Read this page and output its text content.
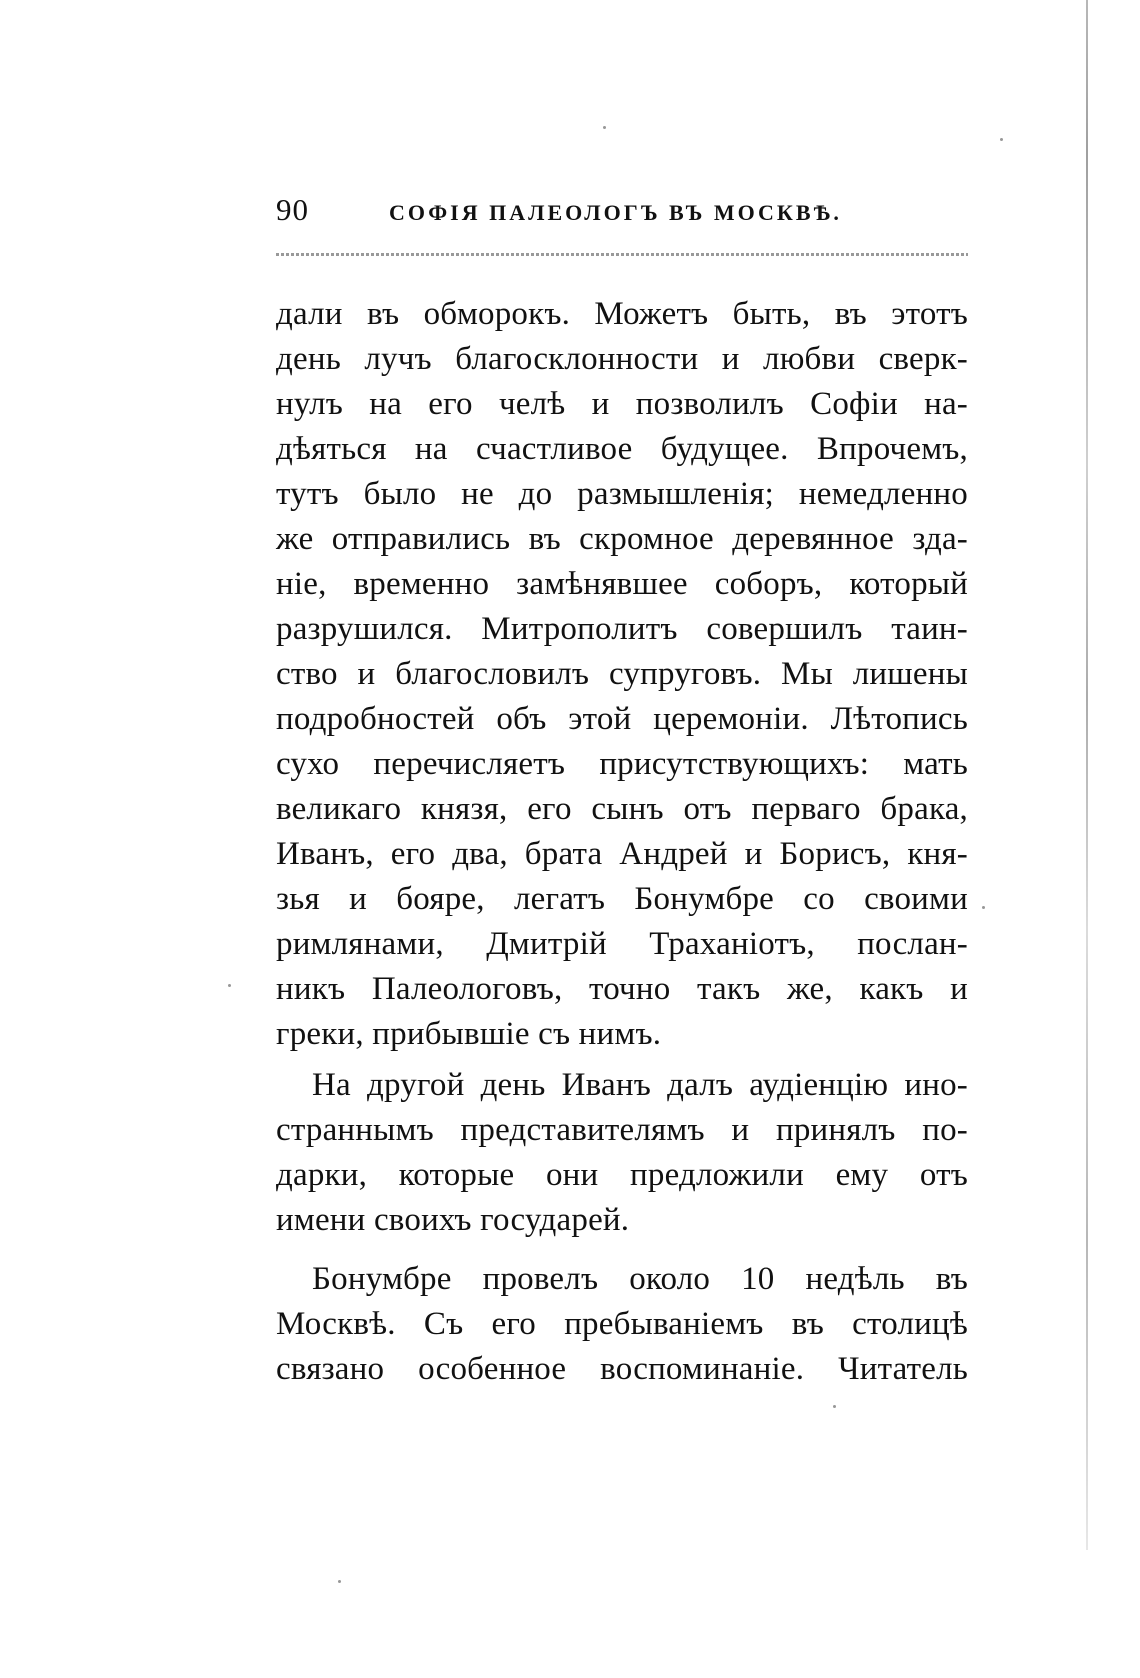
90	СОФІЯ ПАЛЕОЛОГЪ ВЪ МОСКВѢ.
дали въ обморокъ. Можетъ быть, въ этотъ
день лучъ благосклонности и любви сверк-
нулъ на его челѣ и позволилъ Софіи на-
дѣяться на счастливое будущее. Впрочемъ,
тутъ было не до размышленія; немедленно
же отправились въ скромное деревянное зда-
ніе, временно замѣнявшее соборъ, который
разрушился. Митрополитъ совершилъ таин-
ство и благословилъ супруговъ. Мы лишены
подробностей объ этой церемоніи. Лѣтопись
сухо перечисляетъ присутствующихъ: мать
великаго князя, его сынъ отъ перваго брака,
Иванъ, его два, брата Андрей и Борисъ, кня-
зья и бояре, легатъ Бонумбре со своими
римлянами, Дмитрій Траханіотъ, послан-
никъ Палеологовъ, точно такъ же, какъ и
греки, прибывшіе съ нимъ.
На другой день Иванъ далъ аудіенцію ино-
страннымъ представителямъ и принялъ по-
дарки, которые они предложили ему отъ
имени своихъ государей.
Бонумбре провелъ около 10 недѣль въ
Москвѣ. Съ его пребываніемъ въ столицѣ
связано особенное воспоминаніе. Читатель
